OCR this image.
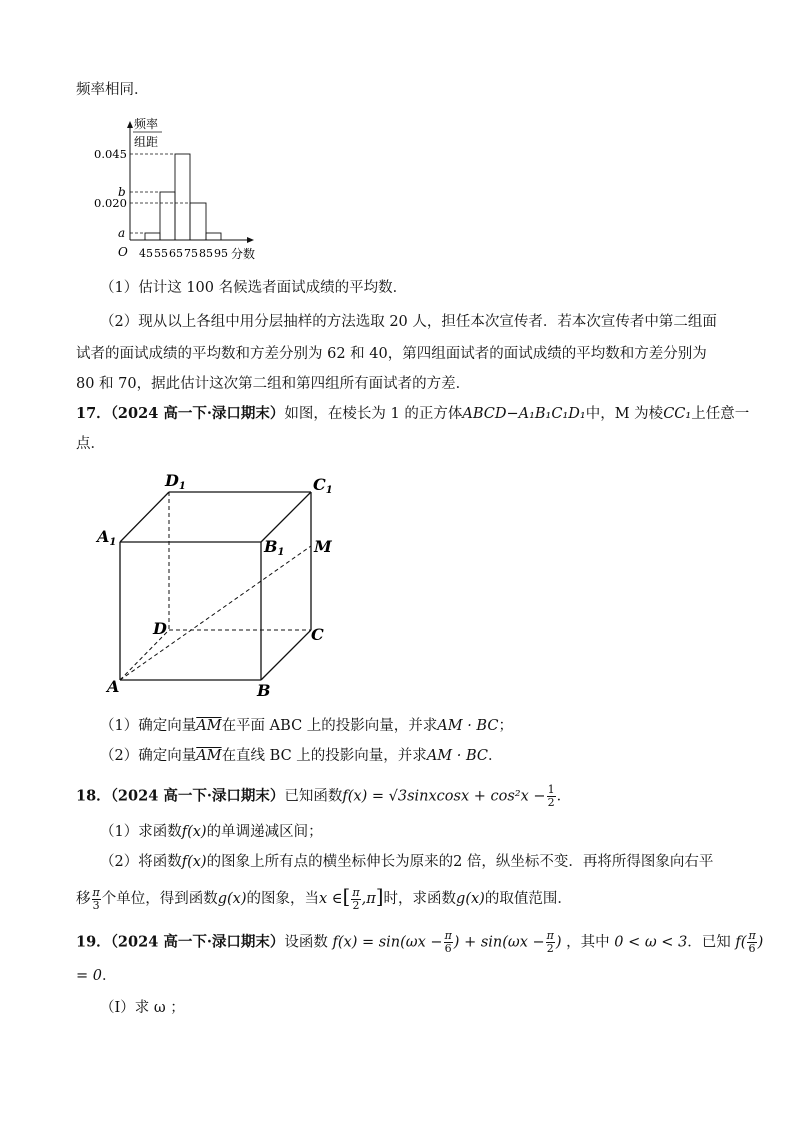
频率相同．
频率
组距
0.045
b
0.020
a
O 45 55 65 75 85 95 分数
（1）估计这 100 名候选者面试成绩的平均数．
（2）现从以上各组中用分层抽样的方法选取 20 人，担任本次宣传者．若本次宣传者中第二组面
试者的面试成绩的平均数和方差分别为 62 和 40，第四组面试者的面试成绩的平均数和方差分别为
80 和 70，据此估计这次第二组和第四组所有面试者的方差．
17．（2024 高一下·渌口期末）如图，在棱长为 1 的正方体ABCD−A₁B₁C₁D₁中，M 为棱CC₁上任意一
点．
D1	C1
A1	B1 M
D	C
A	B
（1）确定向量$\overline{AM}$在平面 ABC 上的投影向量，并求AM · BC；
（2）确定向量$\overline{AM}$在直线 BC 上的投影向量，并求AM · BC．
18．（2024 高一下·渌口期末）已知函数f(x) = √3sinxcosx + $\cos^2x - \frac{1}{2}$ ．
（1）求函数f(x)的单调递减区间；
（2）将函数f(x)的图象上所有点的横坐标伸长为原来的2 倍，纵坐标不变．再将所得图象向右平
移 $\frac{\pi}{3}$ 个单位，得到函数g(x)的图象，当x ∈[ $\frac{\pi}{2} ,\pi$]时，求函数g(x)的取值范围．
19．（2024 高一下·渌口期末）设函数 $f(x) = \sin(\omega x - \frac{\pi}{6}$ ) + $\sin(\omega x - \frac{\pi}{2}$ ) ，其中 0 < ω < 3．已知 $f( \frac{\pi}{6}$ )
= 0．
（Ⅰ）求 ω ；
